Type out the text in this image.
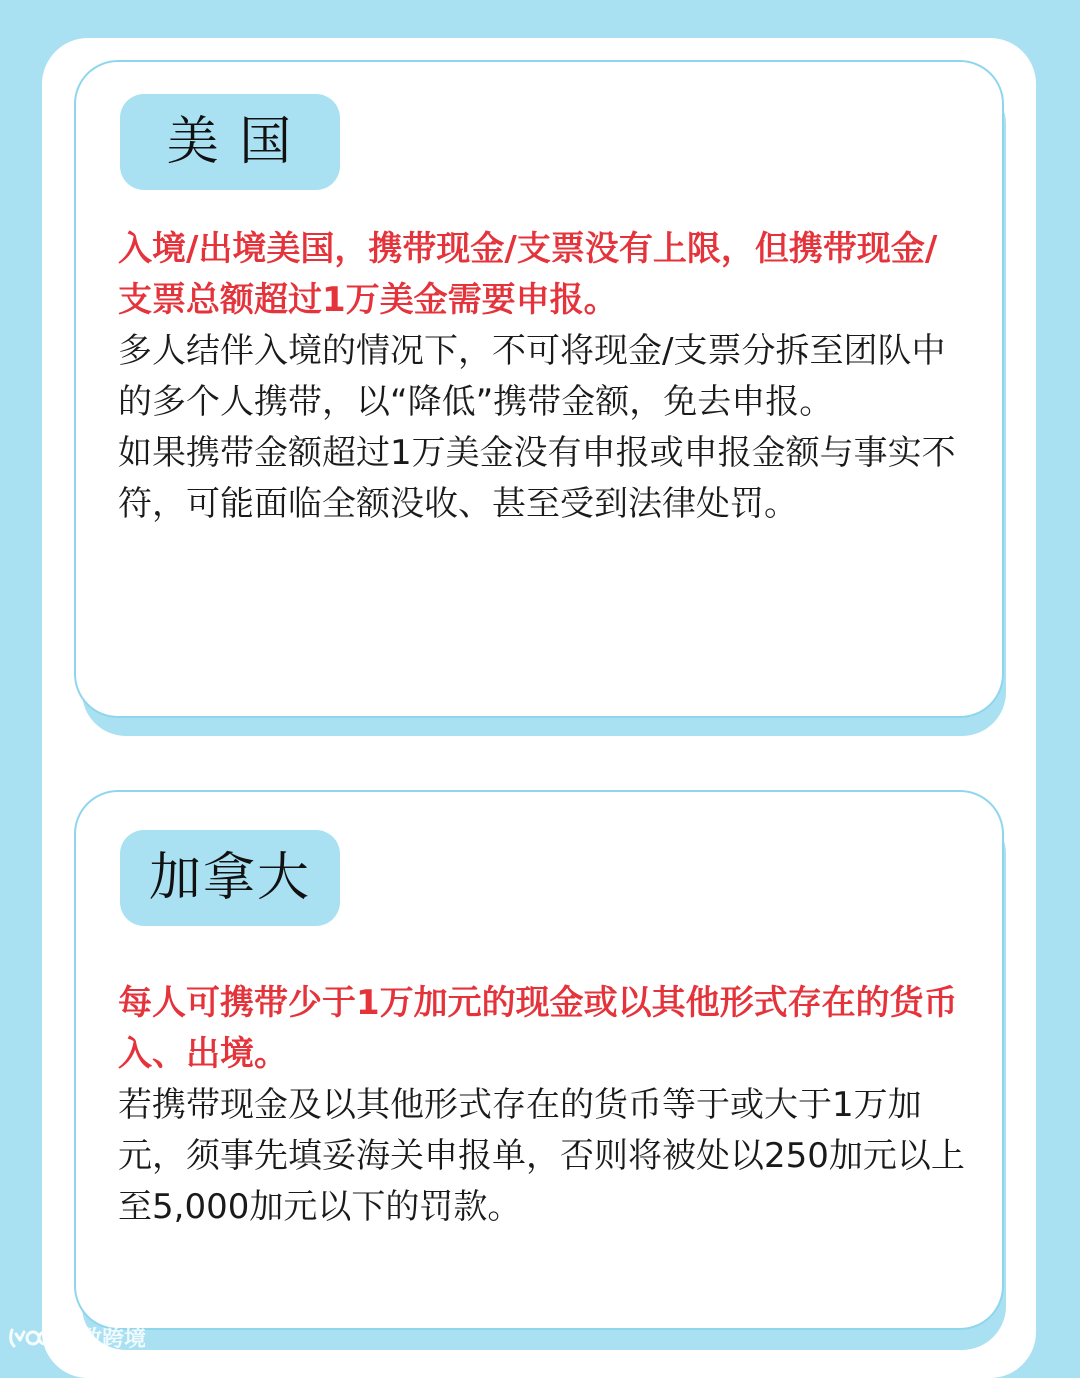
美 国

入境/出境美国，携带现金/支票没有上限，但携带现金/支票总额超过1万美金需要申报。

多人结伴入境的情况下，不可将现金/支票分拆至团队中的多个人携带，以“降低”携带金额，免去申报。

如果携带金额超过1万美金没有申报或申报金额与事实不符，可能面临全额没收、甚至受到法律处罚。

加拿大

每人可携带少于1万加元的现金或以其他形式存在的货币入、出境。

若携带现金及以其他形式存在的货币等于或大于1万加元，须事先填妥海关申报单，否则将被处以250加元以上至5,000加元以下的罚款。

大数跨境
